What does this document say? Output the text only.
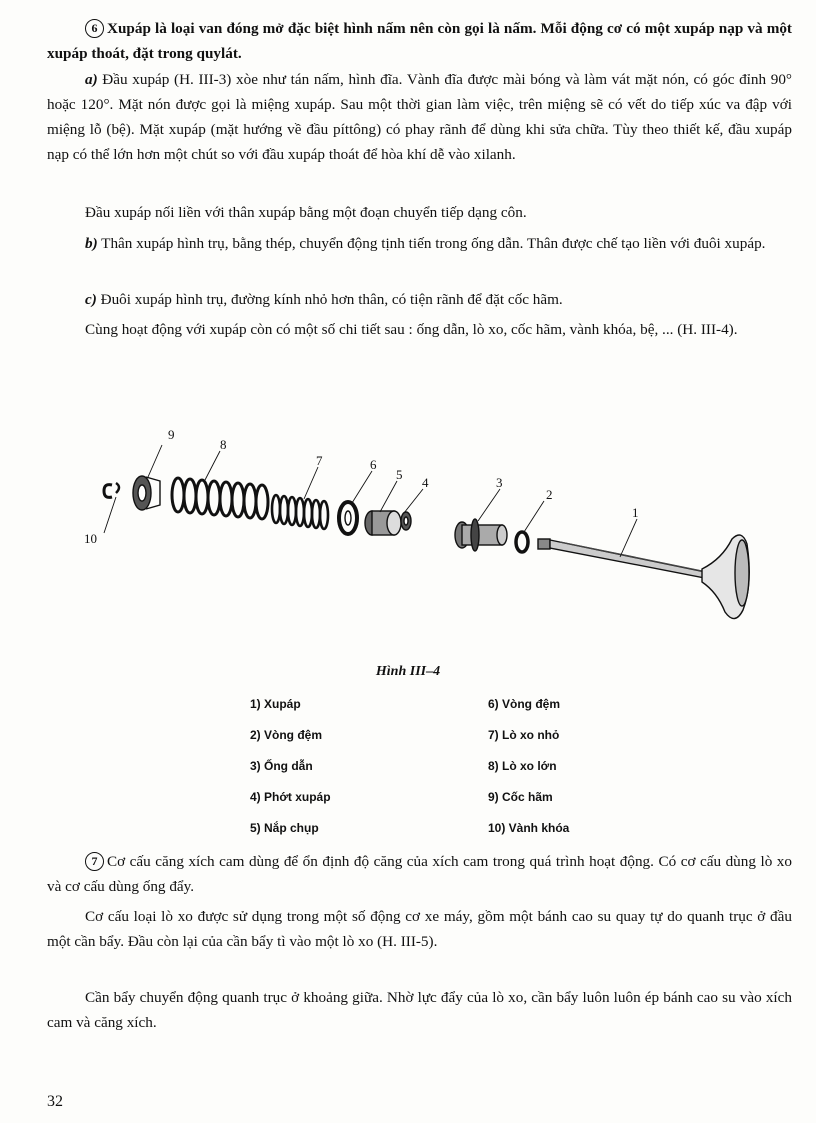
6 Xupáp là loại van đóng mở đặc biệt hình nấm nên còn gọi là nấm. Mỗi động cơ có một xupáp nạp và một xupáp thoát, đặt trong quylát.

a) Đầu xupáp (H. III-3) xòe như tán nấm, hình đĩa. Vành đĩa được mài bóng và làm vát mặt nón, có góc đỉnh 90° hoặc 120°. Mặt nón được gọi là miệng xupáp. Sau một thời gian làm việc, trên miệng sẽ có vết do tiếp xúc va đập với miệng lỗ (bệ). Mặt xupáp (mặt hướng về đầu píttông) có phay rãnh để dùng khi sửa chữa. Tùy theo thiết kế, đầu xupáp nạp có thể lớn hơn một chút so với đầu xupáp thoát để hòa khí dễ vào xilanh.

Đầu xupáp nối liền với thân xupáp bằng một đoạn chuyển tiếp dạng côn.

b) Thân xupáp hình trụ, bằng thép, chuyển động tịnh tiến trong ống dẫn. Thân được chế tạo liền với đuôi xupáp.

c) Đuôi xupáp hình trụ, đường kính nhỏ hơn thân, có tiện rãnh để đặt cốc hãm.

Cùng hoạt động với xupáp còn có một số chi tiết sau : ống dẫn, lò xo, cốc hãm, vành khóa, bệ, ... (H. III-4).

1
2
3
4
5
6
7
8
9
10
Hình III–4
1) Xupáp
2) Vòng đệm
3) Ống dẫn
4) Phớt xupáp
5) Nắp chụp
6) Vòng đệm
7) Lò xo nhỏ
8) Lò xo lớn
9) Cốc hãm
10) Vành khóa

7 Cơ cấu căng xích cam dùng để ổn định độ căng của xích cam trong quá trình hoạt động. Có cơ cấu dùng lò xo và cơ cấu dùng ống đẩy.

Cơ cấu loại lò xo được sử dụng trong một số động cơ xe máy, gồm một bánh cao su quay tự do quanh trục ở đầu một cần bẩy. Đầu còn lại của cần bẩy tì vào một lò xo (H. III-5).

Cần bẩy chuyển động quanh trục ở khoảng giữa. Nhờ lực đẩy của lò xo, cần bẩy luôn luôn ép bánh cao su vào xích cam và căng xích.

32
